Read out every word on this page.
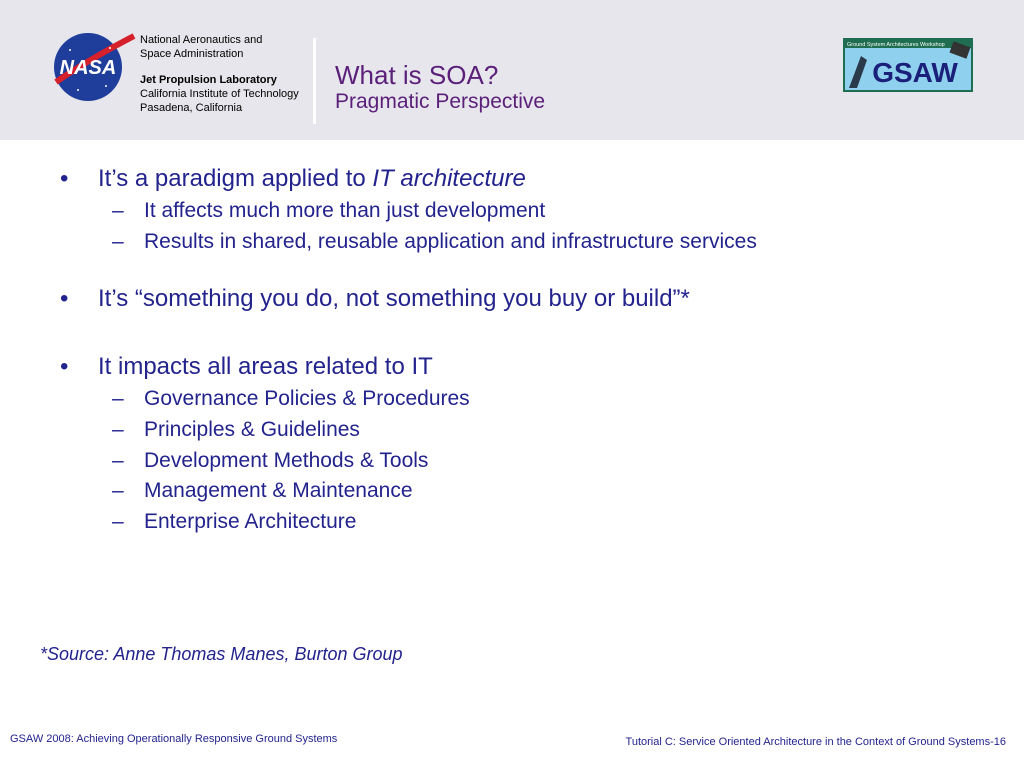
NASA
National Aeronautics and
Space Administration
Jet Propulsion Laboratory
California Institute of Technology
Pasadena, California
What is SOA?
Pragmatic Perspective
Ground System Architectures Workshop
GSAW
•	It’s a paradigm applied to IT architecture
– It affects much more than just development
– Results in shared, reusable application and infrastructure services
•	It’s “something you do, not something you buy or build”*
•	It impacts all areas related to IT
– Governance Policies & Procedures
– Principles & Guidelines
– Development Methods & Tools
– Management & Maintenance
– Enterprise Architecture
*Source: Anne Thomas Manes, Burton Group
GSAW 2008: Achieving Operationally Responsive Ground Systems	Tutorial C: Service Oriented Architecture in the Context of Ground Systems-16
